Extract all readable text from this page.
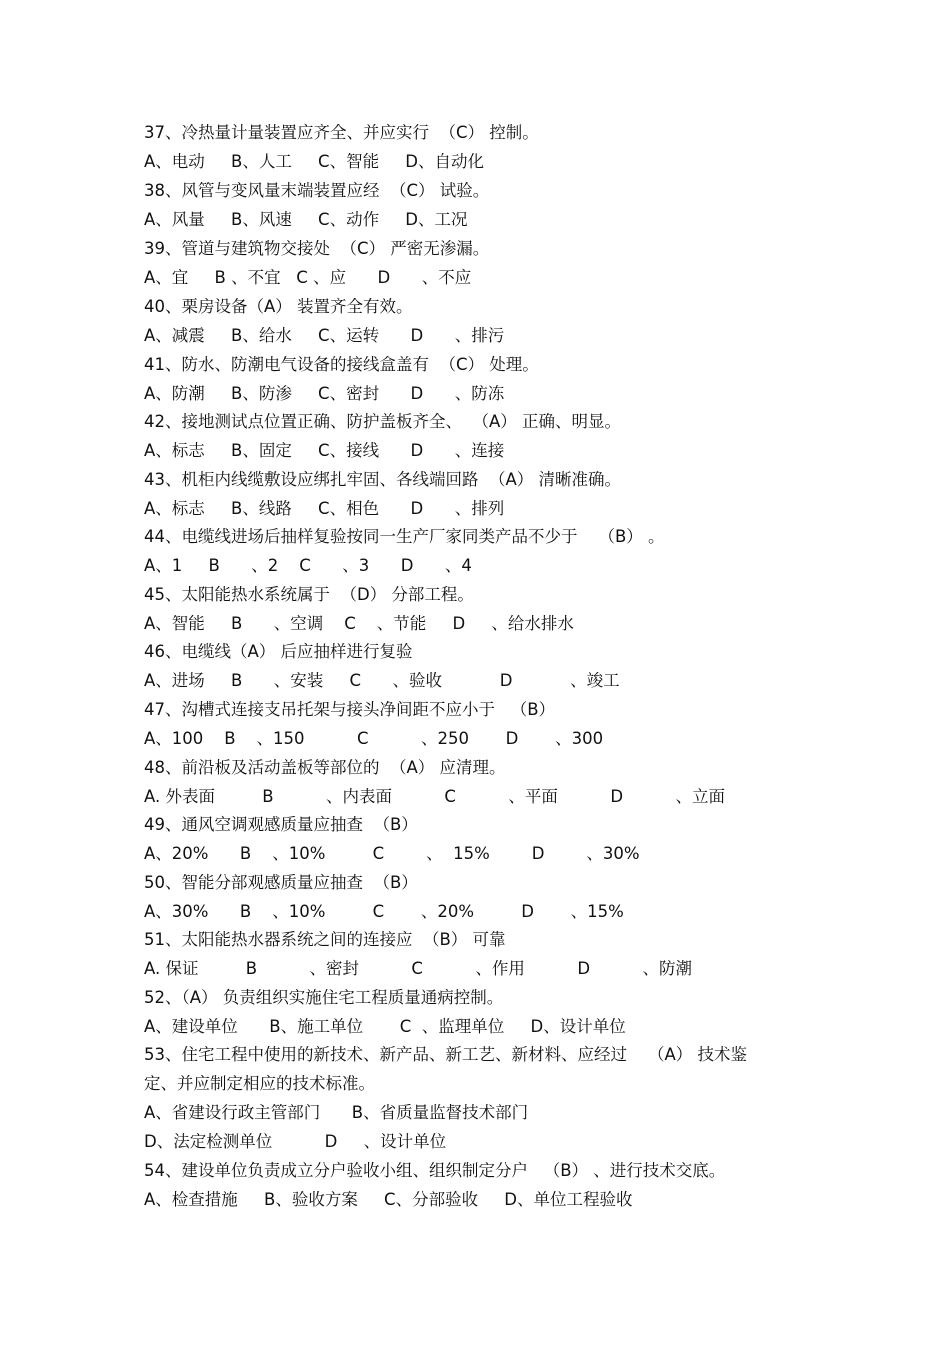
37、冷热量计量装置应齐全、并应实行  （C） 控制。
A、电动     B、人工     C、智能     D、自动化
38、风管与变风量末端装置应经  （C） 试验。
A、风量     B、风速     C、动作     D、工况
39、管道与建筑物交接处  （C） 严密无渗漏。
A、宜     B 、不宜   C 、应      D      、不应
40、栗房设备（A） 装置齐全有效。
A、减震     B、给水     C、运转      D      、排污
41、防水、防潮电气设备的接线盒盖有  （C） 处理。
A、防潮     B、防渗     C、密封      D      、防冻
42、接地测试点位置正确、防护盖板齐全、  （A） 正确、明显。
A、标志     B、固定     C、接线      D      、连接
43、机柜内线缆敷设应绑扎牢固、各线端回路  （A） 清晰准确。
A、标志     B、线路     C、相色      D      、排列
44、电缆线进场后抽样复验按同一生产厂家同类产品不少于    （B） 。
A、1     B      、2    C      、3      D      、4
45、太阳能热水系统属于  （D） 分部工程。
A、智能     B      、空调    C    、节能     D     、给水排水
46、电缆线（A） 后应抽样进行复验
A、进场     B      、安装     C      、验收           D           、竣工
47、沟槽式连接支吊托架与接头净间距不应小于   （B）
A、100    B    、150          C          、250       D       、300
48、前沿板及活动盖板等部位的  （A） 应清理。
A. 外表面         B          、内表面          C          、平面          D          、立面
49、通风空调观感质量应抽查  （B）
A、20%      B    、10%         C        、  15%        D        、30%
50、智能分部观感质量应抽查  （B）
A、30%      B    、10%         C       、20%         D       、15%
51、太阳能热水器系统之间的连接应  （B） 可靠
A. 保证         B          、密封          C          、作用          D          、防潮
52、（A） 负责组织实施住宅工程质量通病控制。
A、建设单位      B、施工单位       C  、监理单位     D、设计单位
53、住宅工程中使用的新技术、新产品、新工艺、新材料、应经过    （A） 技术鉴
定、并应制定相应的技术标准。
A、省建设行政主管部门      B、省质量监督技术部门
D、法定检测单位          D     、设计单位
54、建设单位负责成立分户验收小组、组织制定分户   （B） 、进行技术交底。
A、检查措施     B、验收方案     C、分部验收     D、单位工程验收
